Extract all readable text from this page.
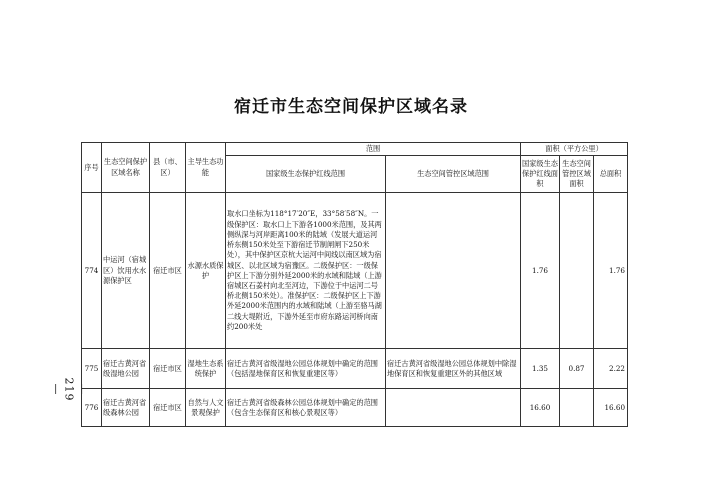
— 219 —
宿迁市生态空间保护区域名录
序号	生态空间保护区域名称	县（市、区）	主导生态功能	范围		面积（平方公里）		
				国家级生态保护红线范围	生态空间管控区域范围	国家级生态保护红线面积	生态空间管控区域面积	总面积
774	中运河（宿城区）饮用水水源保护区	宿迁市区	水源水质保护	取水口坐标为118°17′20″E，33°58′58″N。一级保护区：取水口上下游各1000米范围，及其两侧纵深与河岸距离100米的陆域（发展大道运河桥东侧150米处至下游宿迁节制闸闸下250米处），其中保护区京杭大运河中间线以南区域为宿城区、以北区域为宿豫区。二级保护区：一级保护区上下游分别外延2000米的水域和陆域（上游宿城区石姜村向北至河边，下游位于中运河二号桥北侧150米处）。准保护区：二级保护区上下游外延2000米范围内的水域和陆域（上游至骆马湖二线大堤附近，下游外延至市府东路运河桥向南约200米处		1.76		1.76
775	宿迁古黄河省级湿地公园	宿迁市区	湿地生态系统保护	宿迁古黄河省级湿地公园总体规划中确定的范围（包括湿地保育区和恢复重建区等）	宿迁古黄河省级湿地公园总体规划中除湿地保育区和恢复重建区外的其他区域	1.35	0.87	2.22
776	宿迁古黄河省级森林公园	宿迁市区	自然与人文景观保护	宿迁古黄河省级森林公园总体规划中确定的范围（包含生态保育区和核心景观区等）		16.60		16.60
